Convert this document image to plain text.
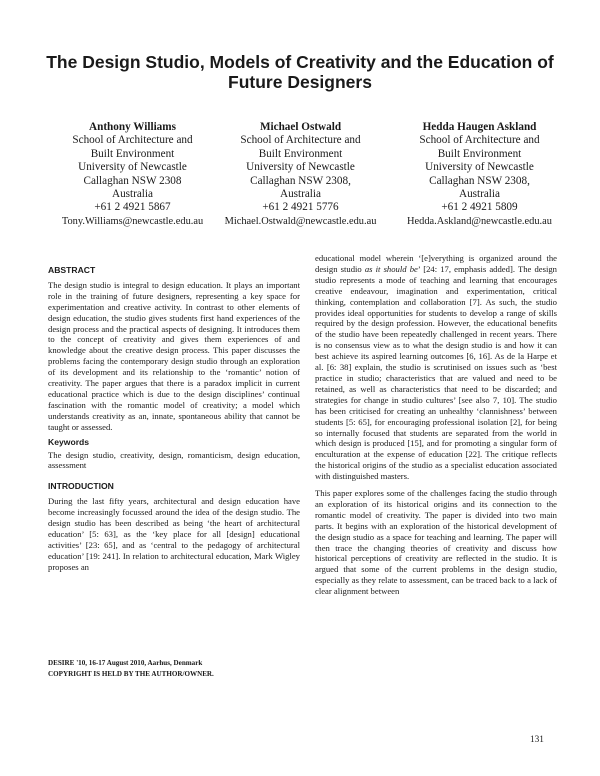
The Design Studio, Models of Creativity and the Education of Future Designers
Anthony Williams
School of Architecture and
Built Environment
University of Newcastle
Callaghan NSW 2308
Australia
+61 2 4921 5867
Tony.Williams@newcastle.edu.au
Michael Ostwald
School of Architecture and
Built Environment
University of Newcastle
Callaghan NSW 2308,
Australia
+61 2 4921 5776
Michael.Ostwald@newcastle.edu.au
Hedda Haugen Askland
School of Architecture and
Built Environment
University of Newcastle
Callaghan NSW 2308,
Australia
+61 2 4921 5809
Hedda.Askland@newcastle.edu.au
ABSTRACT

The design studio is integral to design education. It plays an important role in the training of future designers, representing a key space for experimentation and creative activity. In contrast to other elements of design education, the studio gives students first hand experiences of the design process and the practical aspects of designing. It introduces them to the concept of creativity and gives them experiences of and knowledge about the creative design process. This paper discusses the problems facing the contemporary design studio through an exploration of its development and its relationship to the ‘romantic’ notion of creativity. The paper argues that there is a paradox implicit in current educational practice which is due to the design disciplines’ continual fascination with the romantic model of creativity; a model which understands creativity as an, innate, spontaneous ability that cannot be taught or assessed.

Keywords

The design studio, creativity, design, romanticism, design education, assessment

INTRODUCTION

During the last fifty years, architectural and design education have become increasingly focussed around the idea of the design studio. The design studio has been described as being ‘the heart of architectural education’ [5: 63], as the ‘key place for all [design] educational activities’ [23: 65], and as ‘central to the pedagogy of architectural education’ [19: 241]. In relation to architectural education, Mark Wigley proposes an

educational model wherein ‘[e]verything is organized around the design studio as it should be’ [24: 17, emphasis added]. The design studio represents a mode of teaching and learning that encourages creative endeavour, imagination and experimentation, critical thinking, contemplation and collaboration [7]. As such, the studio provides ideal opportunities for students to develop a range of skills required by the design profession. However, the educational benefits of the studio have been repeatedly challenged in recent years. There is no consensus view as to what the design studio is and how it can best achieve its aspired learning outcomes [6, 16]. As de la Harpe et al. [6: 38] explain, the studio is scrutinised on issues such as ‘best practice in studio; characteristics that are valued and need to be retained, as well as characteristics that need to be discarded; and strategies for change in studio cultures’ [see also 7, 10]. The studio has been criticised for creating an unhealthy ‘clannishness’ between students [5: 65], for encouraging professional isolation [2], for being so internally focused that students are separated from the world in which design is produced [15], and for promoting a singular form of enculturation at the expense of education [22]. The critique reflects the historical origins of the studio as a specialist education associated with distinguished masters.

This paper explores some of the challenges facing the studio through an exploration of its historical origins and its connection to the romantic model of creativity. The paper is divided into two main parts. It begins with an exploration of the historical development of the design studio as a space for teaching and learning. The paper will then trace the changing theories of creativity and discuss how historical perceptions of creativity are reflected in the studio. It is argued that some of the current problems in the design studio, especially as they relate to assessment, can be traced back to a lack of clear alignment between

DESIRE '10, 16-17 August 2010, Aarhus, Denmark
COPYRIGHT IS HELD BY THE AUTHOR/OWNER.
131
